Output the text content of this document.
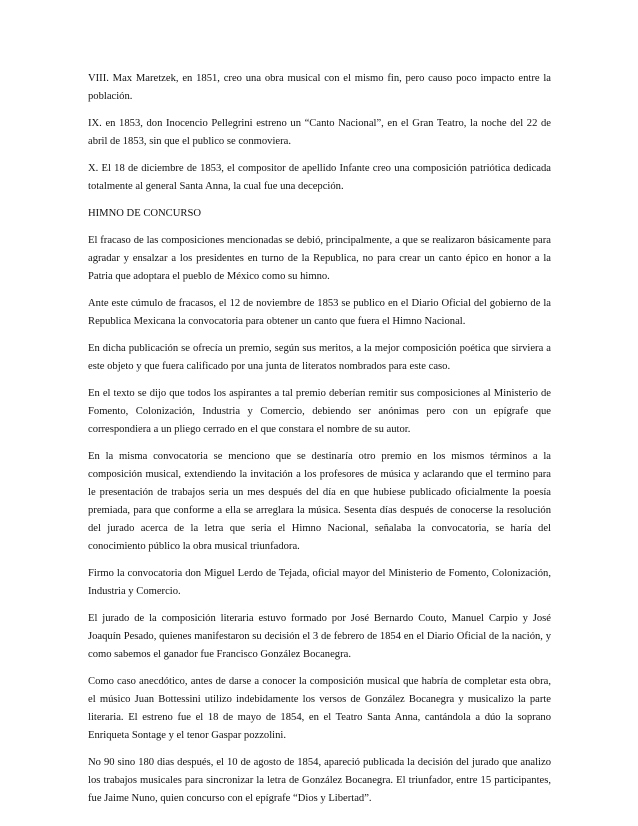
VIII. Max Maretzek, en 1851, creo una obra musical con el mismo fin, pero causo poco impacto entre la población.

IX. en 1853, don Inocencio Pellegrini estreno un “Canto Nacional”, en el Gran Teatro, la noche del 22 de abril de 1853, sin que el publico se conmoviera.

X. El 18 de diciembre de 1853, el compositor de apellido Infante creo una composición patriótica dedicada totalmente al general Santa Anna, la cual fue una decepción.

HIMNO DE CONCURSO

El fracaso de las composiciones mencionadas se debió, principalmente, a que se realizaron básicamente para agradar y ensalzar a los presidentes en turno de la Republica, no para crear un canto épico en honor a la Patria que adoptara el pueblo de México como su himno.

Ante este cúmulo de fracasos, el 12 de noviembre de 1853 se publico en el Diario Oficial del gobierno de la Republica Mexicana la convocatoria para obtener un canto que fuera el Himno Nacional.

En dicha publicación se ofrecía un premio, según sus meritos, a la mejor composición poética que sirviera a este objeto y que fuera calificado por una junta de literatos nombrados para este caso.

En el texto se dijo que todos los aspirantes a tal premio deberían remitir sus composiciones al Ministerio de Fomento, Colonización, Industria y Comercio, debiendo ser anónimas pero con un epígrafe que correspondiera a un pliego cerrado en el que constara el nombre de su autor.

En la misma convocatoria se menciono que se destinaría otro premio en los mismos términos a la composición musical, extendiendo la invitación a los profesores de música y aclarando que el termino para le presentación de trabajos seria un mes después del día en que hubiese publicado oficialmente la poesía premiada, para que conforme a ella se arreglara la música. Sesenta días después de conocerse la resolución del jurado acerca de la letra que seria el Himno Nacional, señalaba la convocatoria, se haría del conocimiento público la obra musical triunfadora.

Firmo la convocatoria don Miguel Lerdo de Tejada, oficial mayor del Ministerio de Fomento, Colonización, Industria y Comercio.

El jurado de la composición literaria estuvo formado por José Bernardo Couto, Manuel Carpio y José Joaquín Pesado, quienes manifestaron su decisión el 3 de febrero de 1854 en el Diario Oficial de la nación, y como sabemos el ganador fue Francisco González Bocanegra.

Como caso anecdótico, antes de darse a conocer la composición musical que habría de completar esta obra, el músico Juan Bottessini utilizo indebidamente los versos de González Bocanegra y musicalizo la parte literaria. El estreno fue el 18 de mayo de 1854, en el Teatro Santa Anna, cantándola a dúo la soprano Enriqueta Sontage y el tenor Gaspar pozzolini.

No 90 sino 180 dias después, el 10 de agosto de 1854, apareció publicada la decisión del jurado que analizo los trabajos musicales para sincronizar la letra de González Bocanegra. El triunfador, entre 15 participantes, fue Jaime Nuno, quien concurso con el epígrafe “Dios y Libertad”.
